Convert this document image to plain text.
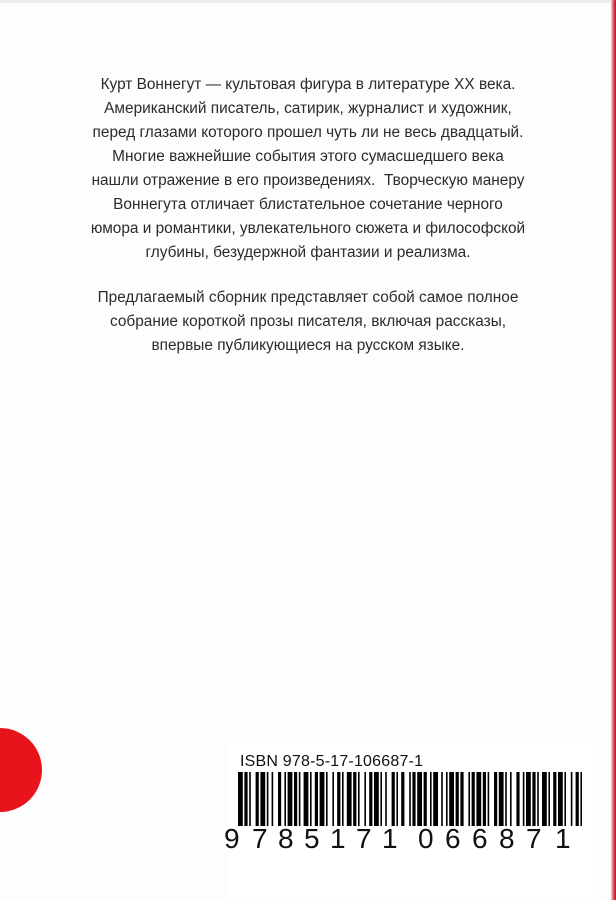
Курт Воннегут — культовая фигура в литературе XX века.
Американский писатель, сатирик, журналист и художник,
перед глазами которого прошел чуть ли не весь двадцатый.
Многие важнейшие события этого сумасшедшего века
нашли отражение в его произведениях.  Творческую манеру
Воннегута отличает блистательное сочетание черного
юмора и романтики, увлекательного сюжета и философской
глубины, безудержной фантазии и реализма.
Предлагаемый сборник представляет собой самое полное
собрание короткой прозы писателя, включая рассказы,
впервые публикующиеся на русском языке.
ISBN 978-5-17-106687-1
9 7 8 5 1 7 1 0 6 6 8 7 1
